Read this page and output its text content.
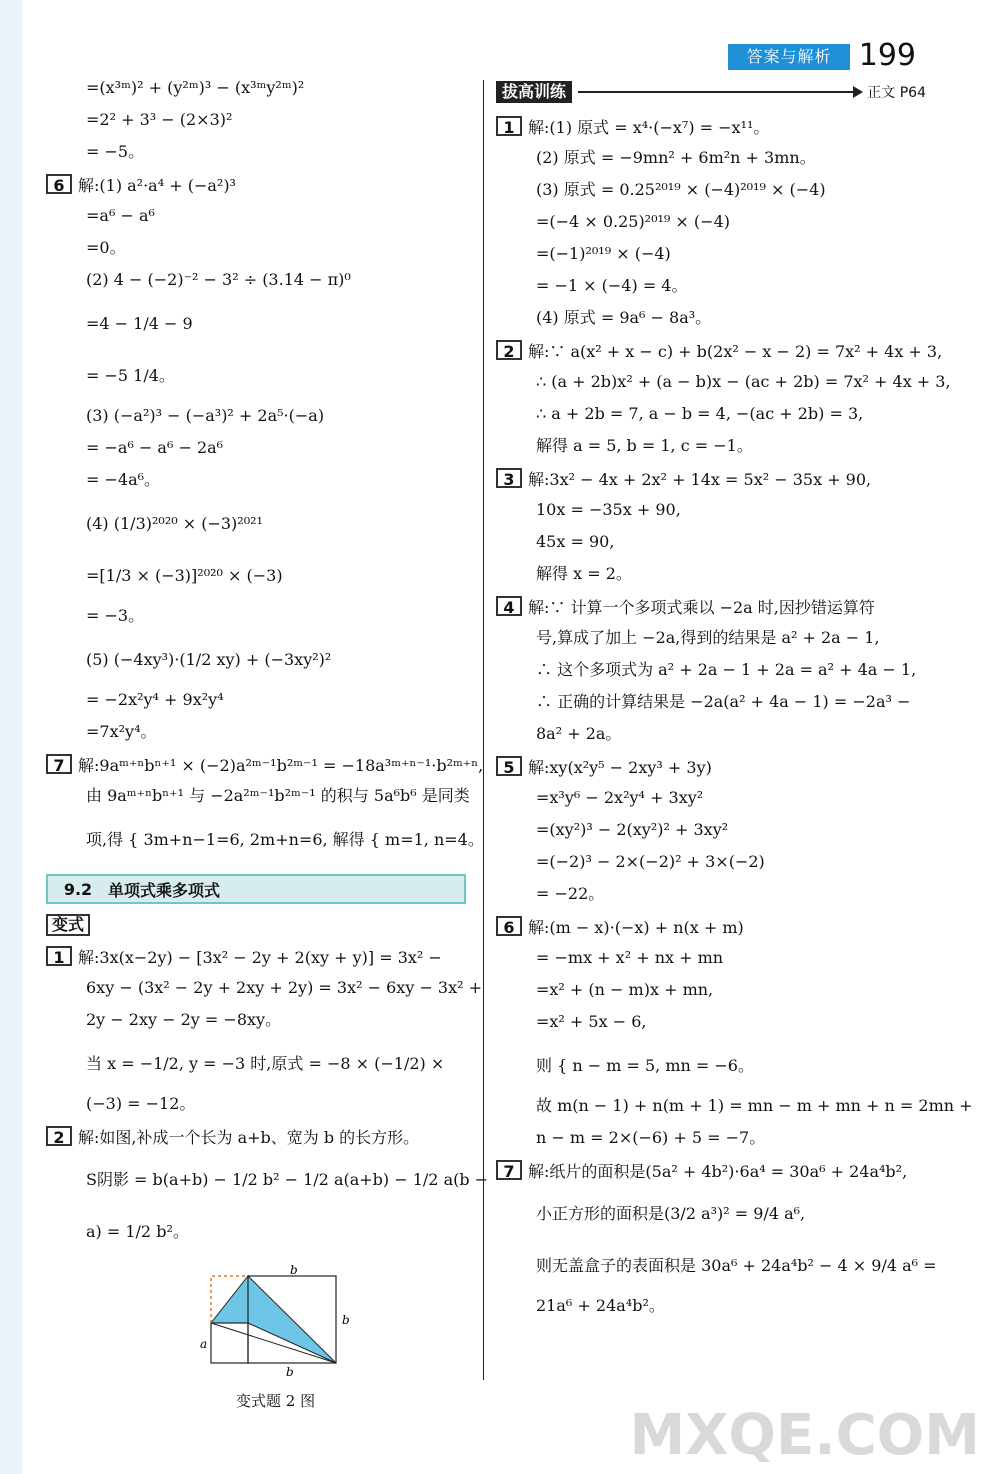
答案与解析 199
=(x³ᵐ)² + (y²ᵐ)³ − (x³ᵐy²ᵐ)²
=2² + 3³ − (2×3)²
= −5。
6 解:(1) a²·a⁴ + (−a²)³
=a⁶ − a⁶
=0。
(2) 4 − (−2)⁻² − 3² ÷ (3.14 − π)⁰
=4 − 1/4 − 9
= −5 1/4。
(3) (−a²)³ − (−a³)² + 2a⁵·(−a)
= −a⁶ − a⁶ − 2a⁶
= −4a⁶。
(4) (1/3)²⁰²⁰ × (−3)²⁰²¹
=[1/3 × (−3)]²⁰²⁰ × (−3)
= −3。
(5) (−4xy³)·(1/2 xy) + (−3xy²)²
= −2x²y⁴ + 9x²y⁴
=7x²y⁴。
7 解:9aᵐ⁺ⁿbⁿ⁺¹ × (−2)a²ᵐ⁻¹b²ᵐ⁻¹ = −18a³ᵐ⁺ⁿ⁻¹·b²ᵐ⁺ⁿ,
由 9aᵐ⁺ⁿbⁿ⁺¹ 与 −2a²ᵐ⁻¹b²ᵐ⁻¹ 的积与 5a⁶b⁶ 是同类
项,得 { 3m+n−1=6, 2m+n=6, 解得 { m=1, n=4。
9.2 单项式乘多项式
变式
1 解:3x(x−2y) − [3x² − 2y + 2(xy + y)] = 3x² −
6xy − (3x² − 2y + 2xy + 2y) = 3x² − 6xy − 3x² +
2y − 2xy − 2y = −8xy。
当 x = −1/2, y = −3 时,原式 = −8 × (−1/2) ×
(−3) = −12。
2 解:如图,补成一个长为 a+b、宽为 b 的长方形。
S阴影 = b(a+b) − 1/2 b² − 1/2 a(a+b) − 1/2 a(b −
a) = 1/2 b²。
b
b
b
a
变式题 2 图
拔高训练	正文 P64
1 解:(1) 原式 = x⁴·(−x⁷) = −x¹¹。
(2) 原式 = −9mn² + 6m²n + 3mn。
(3) 原式 = 0.25²⁰¹⁹ × (−4)²⁰¹⁹ × (−4)
=(−4 × 0.25)²⁰¹⁹ × (−4)
=(−1)²⁰¹⁹ × (−4)
= −1 × (−4) = 4。
(4) 原式 = 9a⁶ − 8a³。
2 解:∵ a(x² + x − c) + b(2x² − x − 2) = 7x² + 4x + 3,
∴ (a + 2b)x² + (a − b)x − (ac + 2b) = 7x² + 4x + 3,
∴ a + 2b = 7, a − b = 4, −(ac + 2b) = 3,
解得 a = 5, b = 1, c = −1。
3 解:3x² − 4x + 2x² + 14x = 5x² − 35x + 90,
10x = −35x + 90,
45x = 90,
解得 x = 2。
4 解:∵ 计算一个多项式乘以 −2a 时,因抄错运算符
号,算成了加上 −2a,得到的结果是 a² + 2a − 1,
∴ 这个多项式为 a² + 2a − 1 + 2a = a² + 4a − 1,
∴ 正确的计算结果是 −2a(a² + 4a − 1) = −2a³ −
8a² + 2a。
5 解:xy(x²y⁵ − 2xy³ + 3y)
=x³y⁶ − 2x²y⁴ + 3xy²
=(xy²)³ − 2(xy²)² + 3xy²
=(−2)³ − 2×(−2)² + 3×(−2)
= −22。
6 解:(m − x)·(−x) + n(x + m)
= −mx + x² + nx + mn
=x² + (n − m)x + mn,
=x² + 5x − 6,
则 { n − m = 5, mn = −6。
故 m(n − 1) + n(m + 1) = mn − m + mn + n = 2mn +
n − m = 2×(−6) + 5 = −7。
7 解:纸片的面积是(5a² + 4b²)·6a⁴ = 30a⁶ + 24a⁴b²,
小正方形的面积是(3/2 a³)² = 9/4 a⁶,
则无盖盒子的表面积是 30a⁶ + 24a⁴b² − 4 × 9/4 a⁶ =
21a⁶ + 24a⁴b²。
MXQE.COM
